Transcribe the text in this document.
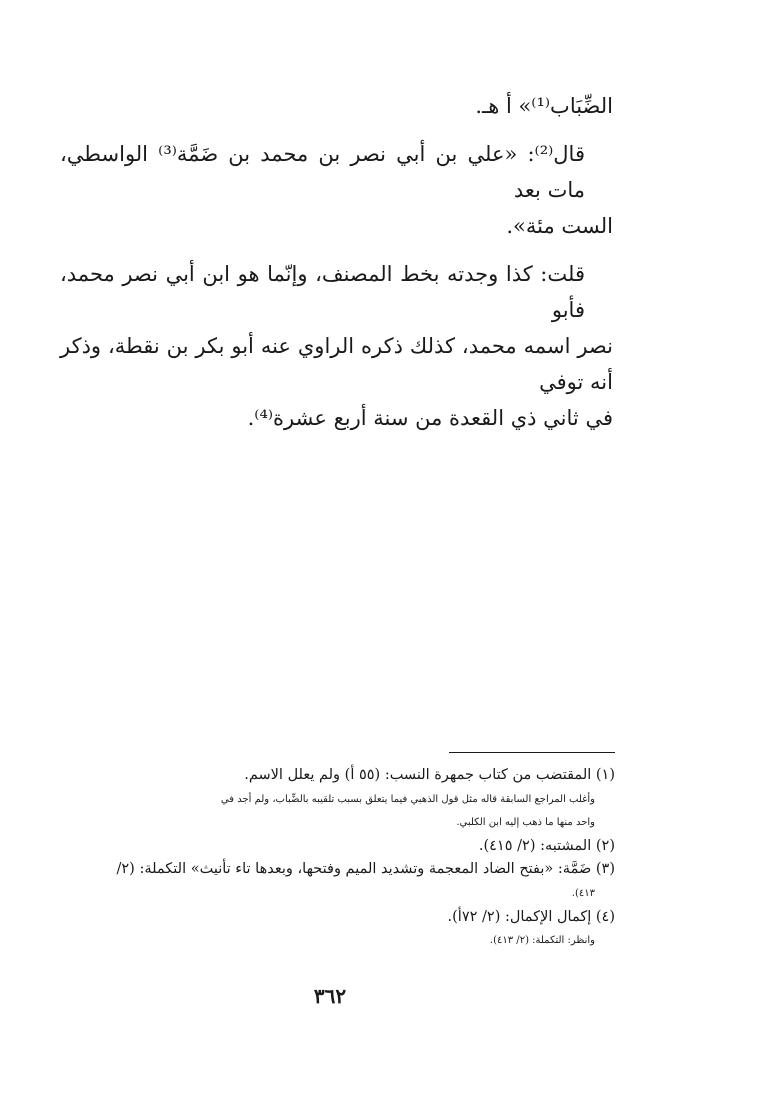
الضِّبَاب⁽¹⁾» أ هـ.

قال⁽²⁾: «علي بن أبي نصر بن محمد بن ضَمَّة⁽³⁾ الواسطي، مات بعد

الست مئة».

قلت: كذا وجدته بخط المصنف، وإنّما هو ابن أبي نصر محمد، فأبو

نصر اسمه محمد، كذلك ذكره الراوي عنه أبو بكر بن نقطة، وذكر أنه توفي

في ثاني ذي القعدة من سنة أربع عشرة⁽⁴⁾.

(١) المقتضب من كتاب جمهرة النسب: (٥٥ أ) ولم يعلل الاسم.

وأغلب المراجع السابقة قاله مثل قول الذهبي فيما يتعلق بسبب تلقيبه بالضِّباب، ولم أجد في

واحد منها ما ذهب إليه ابن الكلبي.

(٢) المشتبه: (٢/ ٤١٥).

(٣) ضَمَّة: «بفتح الضاد المعجمة وتشديد الميم وفتحها، وبعدها تاء تأنيث» التكملة: (٢/

٤١٣).

(٤) إكمال الإكمال: (٢/ ٧٢أ).

وانظر: التكملة: (٢/ ٤١٣).

٣٦٢
